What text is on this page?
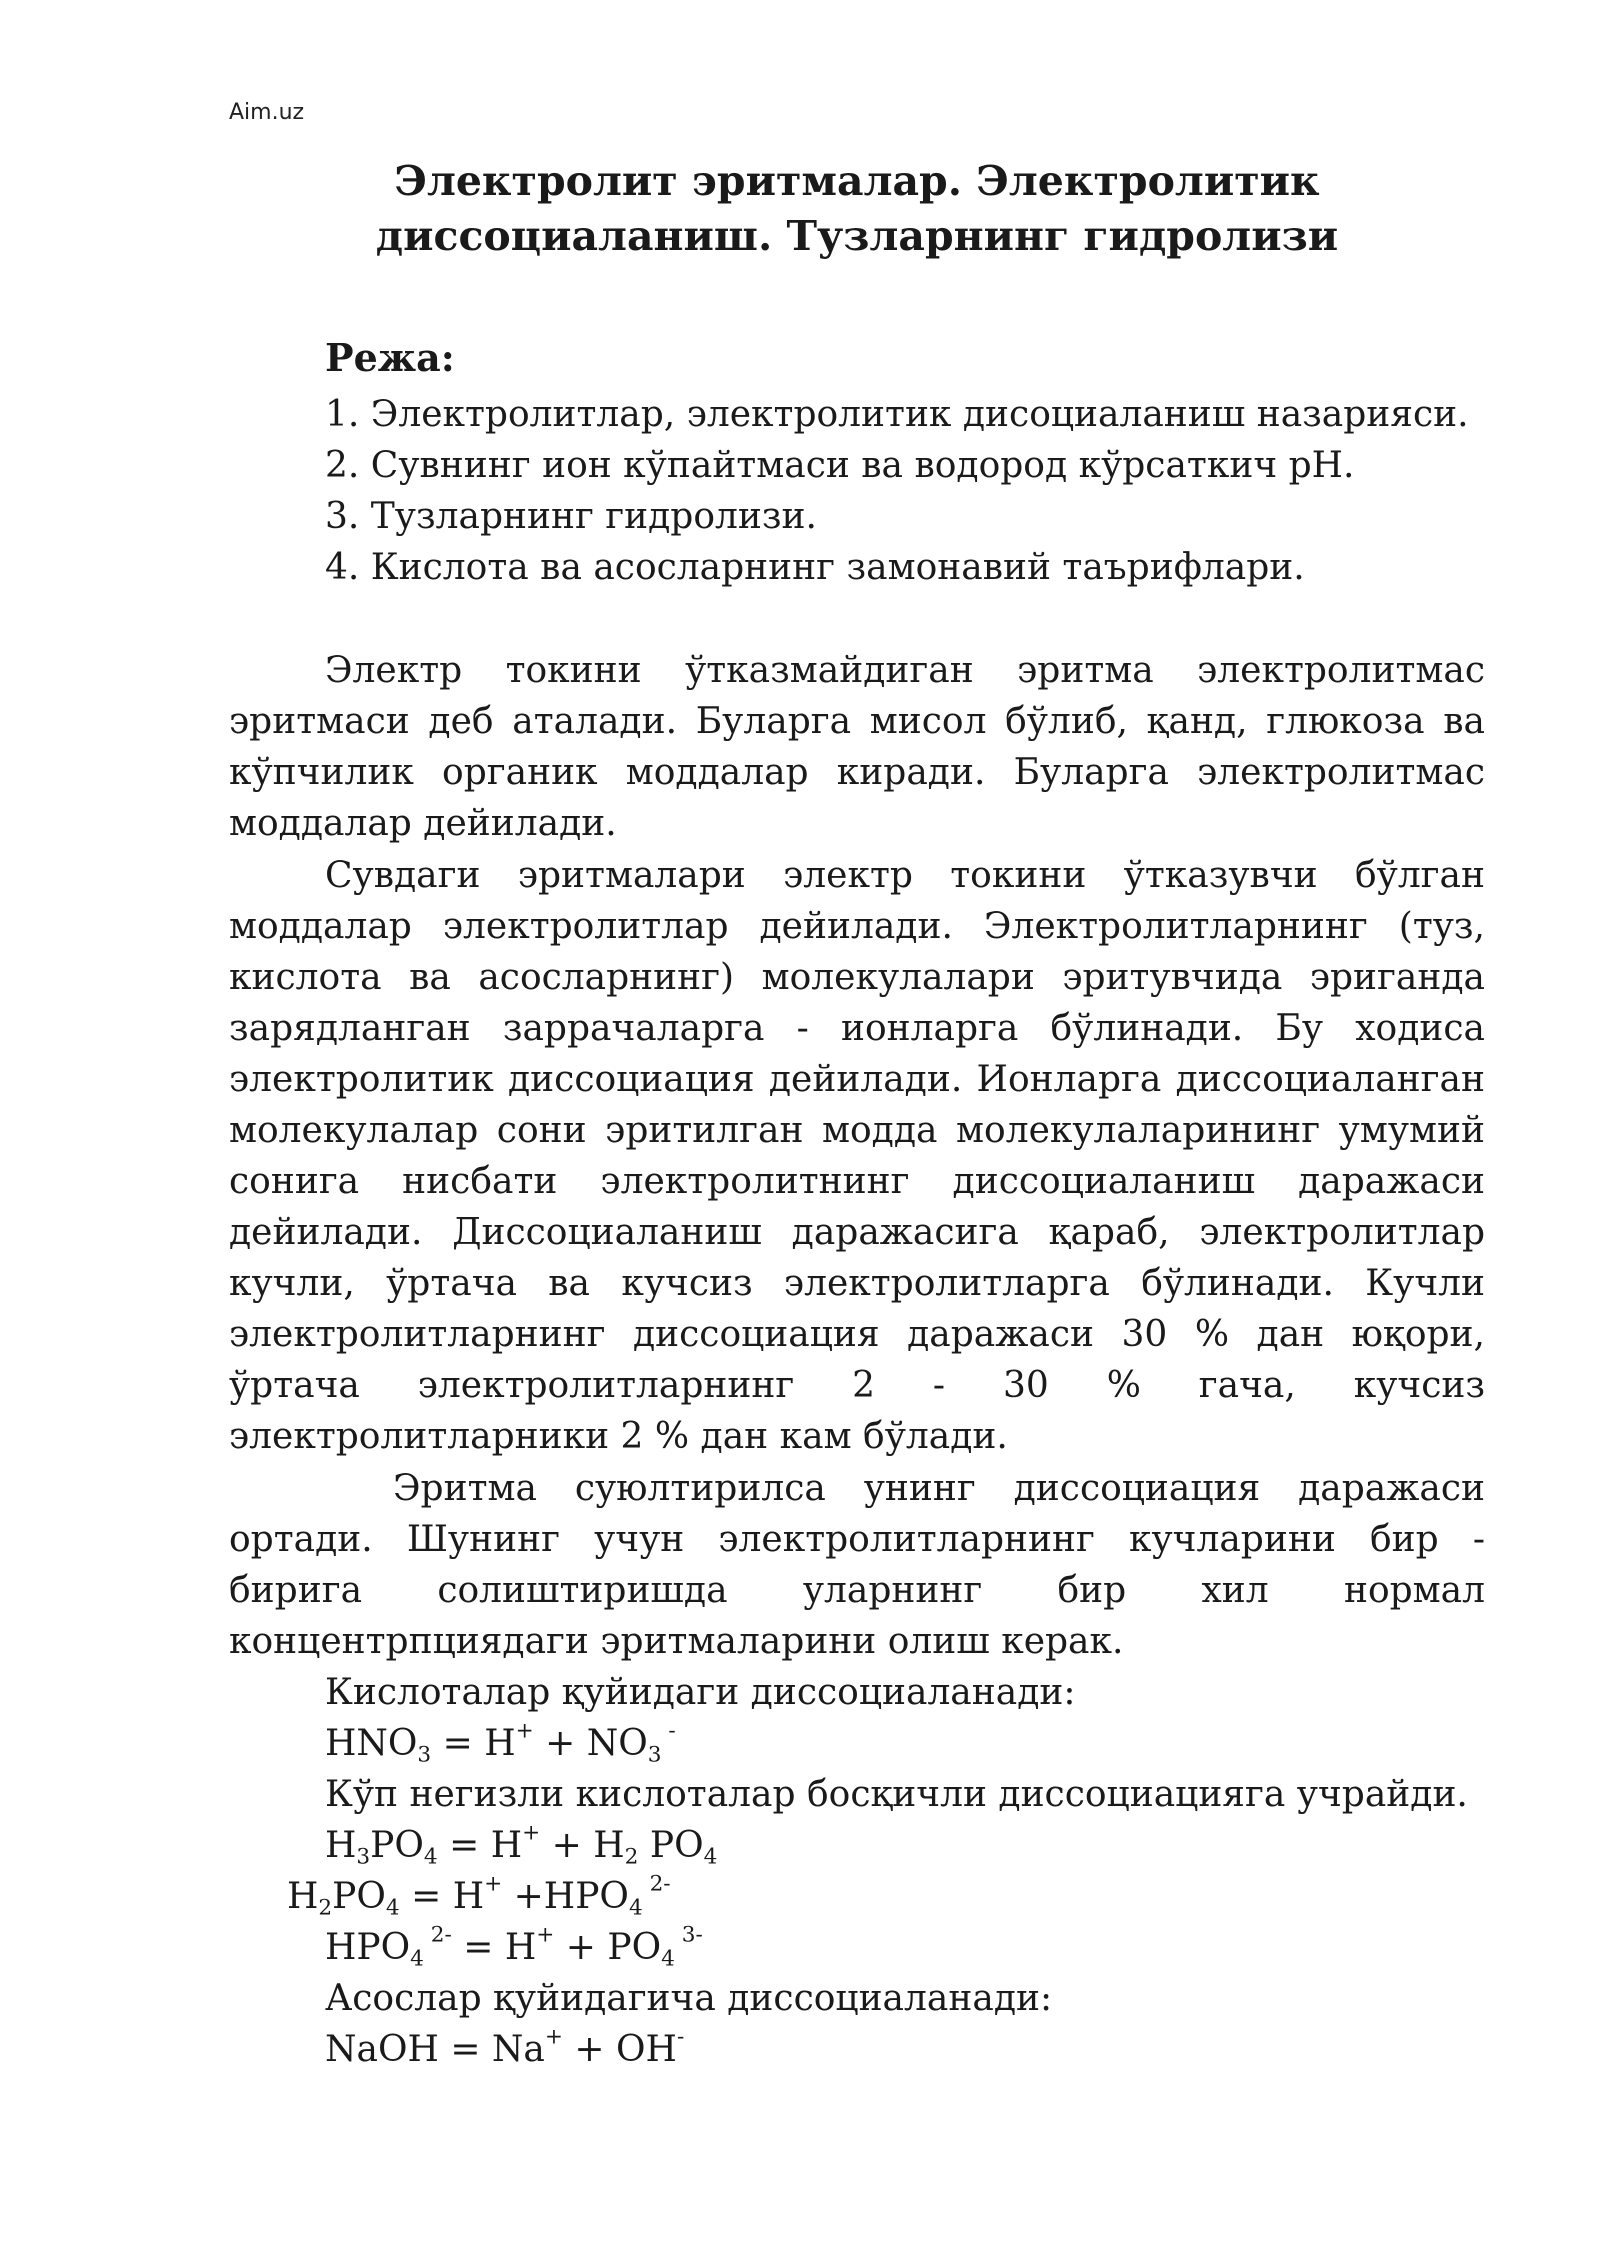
Aim.uz
Электролит эритмалар. Электролитик
диссоциаланиш. Тузларнинг гидролизи
Режа:
1. Электролитлар, электролитик дисоциаланиш назарияси.
2. Сувнинг ион кўпайтмаси ва водород кўрсаткич pH.
3. Тузларнинг гидролизи.
4. Кислота ва асосларнинг замонавий таърифлари.
Электр токини ўтказмайдиган эритма электролитмас
эритмаси деб аталади. Буларга мисол бўлиб, қанд, глюкоза ва
кўпчилик органик моддалар киради. Буларга электролитмас
моддалар дейилади.
Сувдаги эритмалари электр токини ўтказувчи бўлган
моддалар электролитлар дейилади. Электролитларнинг (туз,
кислота ва асосларнинг) молекулалари эритувчида эриганда
зарядланган заррачаларга - ионларга бўлинади. Бу ходиса
электролитик диссоциация дейилади. Ионларга диссоциаланган
молекулалар сони эритилган модда молекулаларининг умумий
сонига нисбати электролитнинг диссоциаланиш даражаси
дейилади. Диссоциаланиш даражасига қараб, электролитлар
кучли, ўртача ва кучсиз электролитларга бўлинади. Кучли
электролитларнинг диссоциация даражаси 30 % дан юқори,
ўртача электролитларнинг 2 - 30 % гача, кучсиз
электролитларники 2 % дан кам бўлади.
Эритма суюлтирилса унинг диссоциация даражаси
ортади. Шунинг учун электролитларнинг кучларини бир -
бирига солиштиришда уларнинг бир хил нормал
концентрпциядаги эритмаларини олиш керак.
Кислоталар қуйидаги диссоциаланади:
$HNO_3 = H^+ + NO_3$ -
Кўп негизли кислоталар босқичли диссоциацияга учрайди.
$H_3PO_4 = H^+ + H_2$ $PO_4$
$H_2PO_4 = H^+ +HPO_4$ $^{2-}$
$HPO_4$ $^{2-} = H^+ + PO_4$ $^{3-}$
Асослар қуйидагича диссоциаланади:
NaOH = Na+ + OH-
